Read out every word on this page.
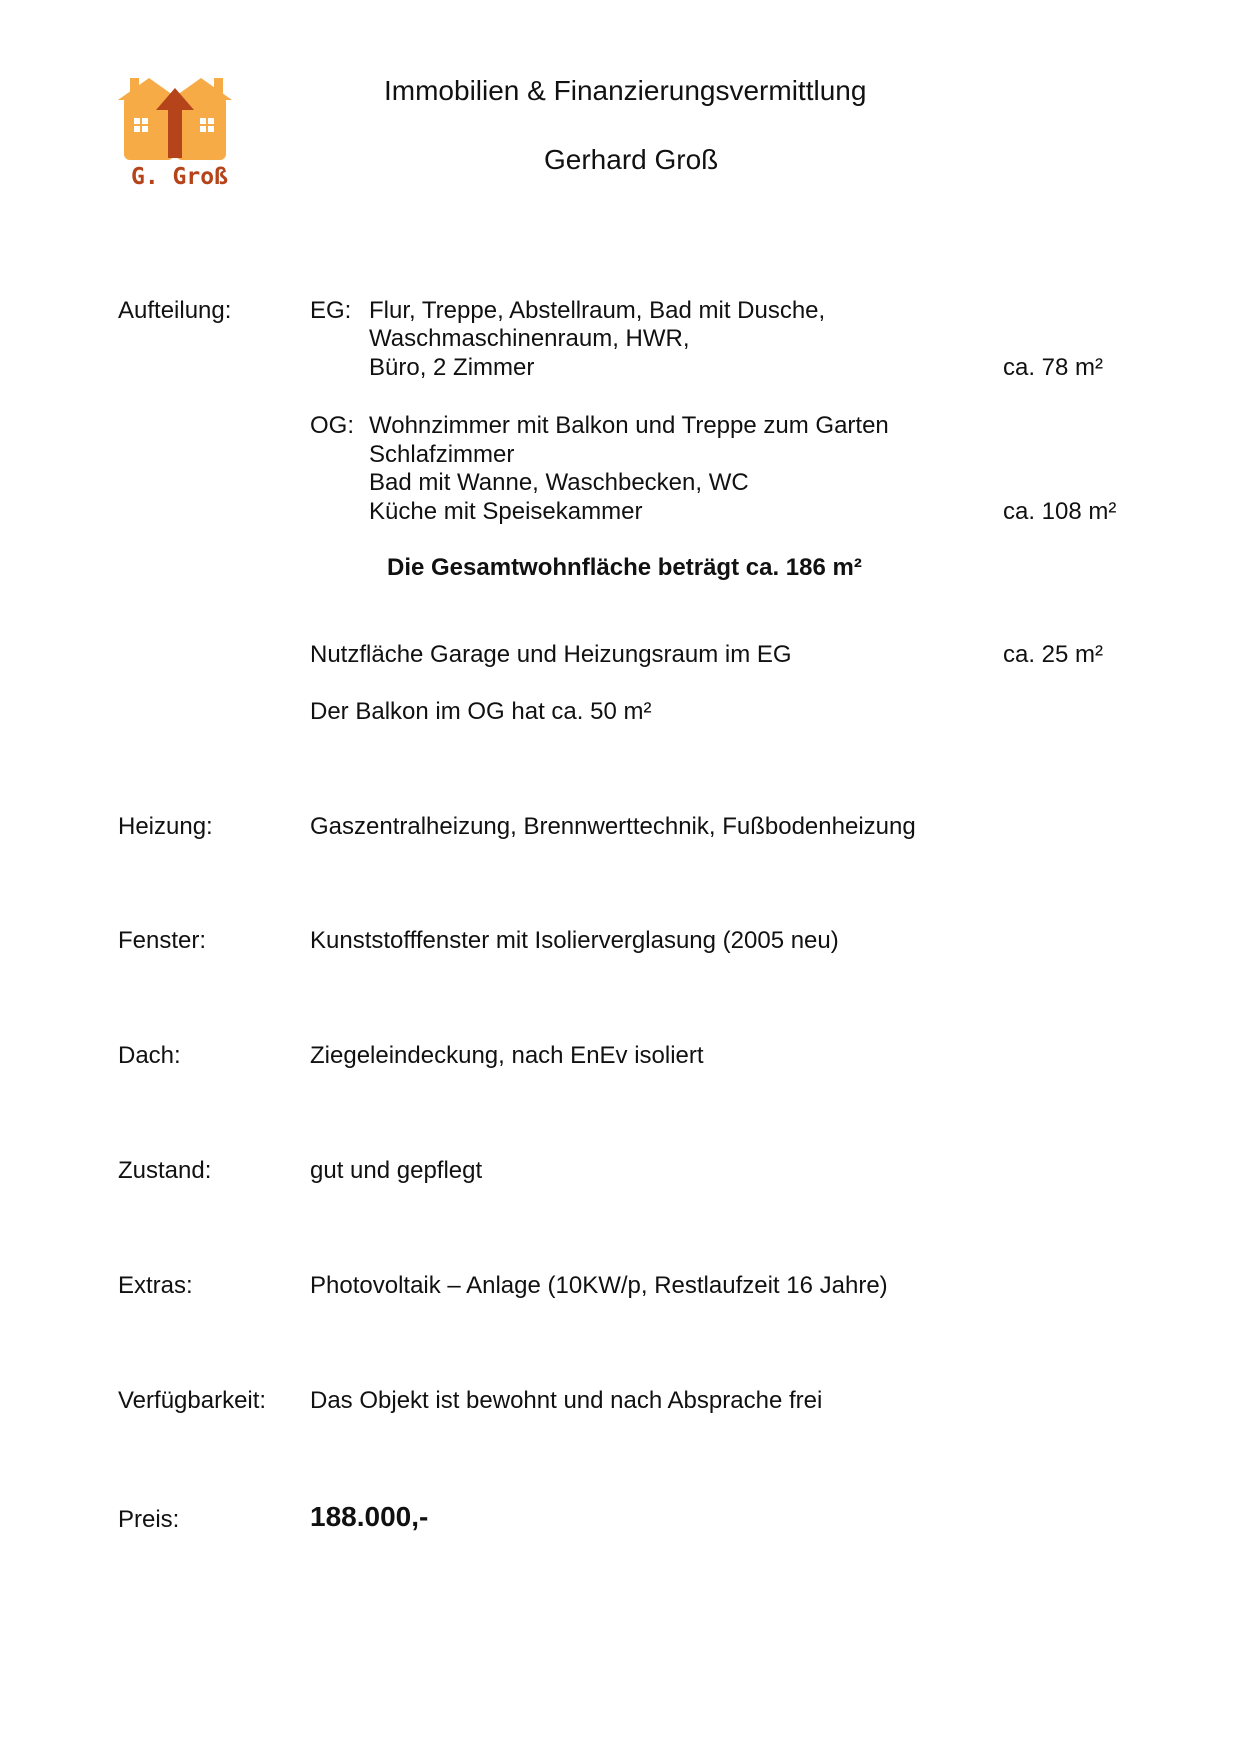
G. Groß
Immobilien & Finanzierungsvermittlung
Gerhard Groß
Aufteilung:	EG: Flur, Treppe, Abstellraum, Bad mit Dusche,
Waschmaschinenraum, HWR,
Büro, 2 Zimmer	ca. 78 m²
OG: Wohnzimmer mit Balkon und Treppe zum Garten
Schlafzimmer
Bad mit Wanne, Waschbecken, WC
Küche mit Speisekammer	ca. 108 m²
Die Gesamtwohnfläche beträgt ca. 186 m²
Nutzfläche Garage und Heizungsraum im EG	ca. 25 m²
Der Balkon im OG hat ca. 50 m²
Heizung:	Gaszentralheizung, Brennwerttechnik, Fußbodenheizung
Fenster:	Kunststofffenster mit Isolierverglasung (2005 neu)
Dach:	Ziegeleindeckung, nach EnEv isoliert
Zustand:	gut und gepflegt
Extras:	Photovoltaik – Anlage (10KW/p, Restlaufzeit 16 Jahre)
Verfügbarkeit: Das Objekt ist bewohnt und nach Absprache frei
Preis:	188.000,-
